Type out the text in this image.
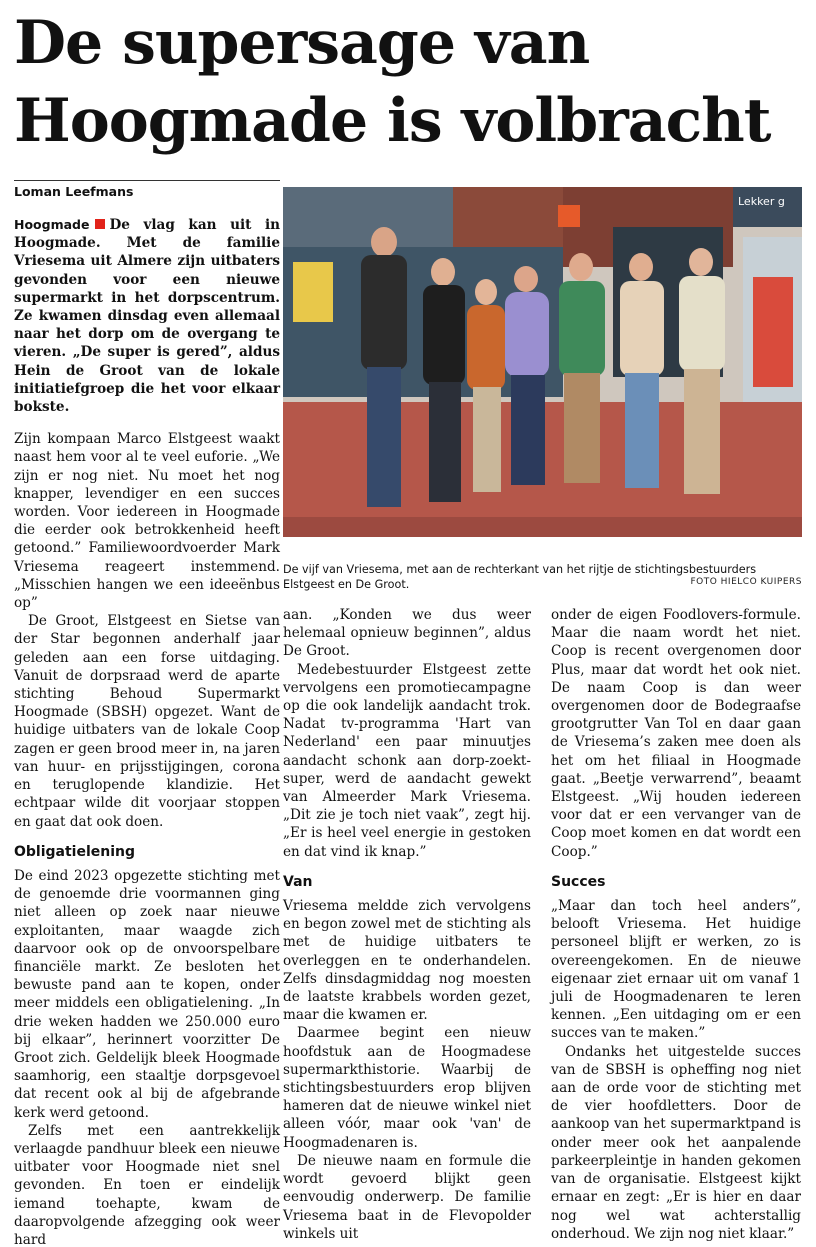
De supersage van
Hoogmade is volbracht
Loman Leefmans

Hoogmade De vlag kan uit in Hoogmade. Met de familie Vriesema uit Almere zijn uitbaters gevonden voor een nieuwe supermarkt in het dorpscentrum. Ze kwamen dinsdag even allemaal naar het dorp om de overgang te vieren. „De super is gered”, aldus Hein de Groot van de lokale initiatiefgroep die het voor elkaar bokste.

Zijn kompaan Marco Elstgeest waakt naast hem voor al te veel euforie. „We zijn er nog niet. Nu moet het nog knapper, levendiger en een succes worden. Voor iedereen in Hoogmade die eerder ook betrokkenheid heeft getoond.” Familiewoordvoerder Mark Vriesema reageert instemmend. „Misschien hangen we een ideeënbus op”

De Groot, Elstgeest en Sietse van der Star begonnen anderhalf jaar geleden aan een forse uitdaging. Vanuit de dorpsraad werd de aparte stichting Behoud Supermarkt Hoogmade (SBSH) opgezet. Want de huidige uitbaters van de lokale Coop zagen er geen brood meer in, na jaren van huur- en prijsstijgingen, corona en teruglopende klandizie. Het echtpaar wilde dit voorjaar stoppen en gaat dat ook doen.

Obligatielening

De eind 2023 opgezette stichting met de genoemde drie voormannen ging niet alleen op zoek naar nieuwe exploitanten, maar waagde zich daarvoor ook op de onvoorspelbare financiële markt. Ze besloten het bewuste pand aan te kopen, onder meer middels een obligatielening. „In drie weken hadden we 250.000 euro bij elkaar”, herinnert voorzitter De Groot zich. Geldelijk bleek Hoogmade saamhorig, een staaltje dorpsgevoel dat recent ook al bij de afgebrande kerk werd getoond.

Zelfs met een aantrekkelijk verlaagde pandhuur bleek een nieuwe uitbater voor Hoogmade niet snel gevonden. En toen er eindelijk iemand toehapte, kwam de daaropvolgende afzegging ook weer hard

Lekker g
De vijf van Vriesema, met aan de rechterkant van het rijtje de stichtingsbestuurders Elstgeest en De Groot.	FOTO HIELCO KUIPERS

aan. „Konden we dus weer helemaal opnieuw beginnen”, aldus De Groot.

Medebestuurder Elstgeest zette vervolgens een promotiecampagne op die ook landelijk aandacht trok. Nadat tv-programma 'Hart van Nederland' een paar minuutjes aandacht schonk aan dorp-zoekt-super, werd de aandacht gewekt van Almeerder Mark Vriesema. „Dit zie je toch niet vaak”, zegt hij. „Er is heel veel energie in gestoken en dat vind ik knap.”

Van

Vriesema meldde zich vervolgens en begon zowel met de stichting als met de huidige uitbaters te overleggen en te onderhandelen. Zelfs dinsdagmiddag nog moesten de laatste krabbels worden gezet, maar die kwamen er.

Daarmee begint een nieuw hoofdstuk aan de Hoogmadese supermarkthistorie. Waarbij de stichtingsbestuurders erop blijven hameren dat de nieuwe winkel niet alleen vóór, maar ook 'van' de Hoogmadenaren is.

De nieuwe naam en formule die wordt gevoerd blijkt geen eenvoudig onderwerp. De familie Vriesema baat in de Flevopolder winkels uit

onder de eigen Foodlovers-formule. Maar die naam wordt het niet. Coop is recent overgenomen door Plus, maar dat wordt het ook niet. De naam Coop is dan weer overgenomen door de Bodegraafse grootgrutter Van Tol en daar gaan de Vriesema’s zaken mee doen als het om het filiaal in Hoogmade gaat. „Beetje verwarrend”, beaamt Elstgeest. „Wij houden iedereen voor dat er een vervanger van de Coop moet komen en dat wordt een Coop.”

Succes

„Maar dan toch heel anders”, belooft Vriesema. Het huidige personeel blijft er werken, zo is overeengekomen. En de nieuwe eigenaar ziet ernaar uit om vanaf 1 juli de Hoogmadenaren te leren kennen. „Een uitdaging om er een succes van te maken.”

Ondanks het uitgestelde succes van de SBSH is opheffing nog niet aan de orde voor de stichting met de vier hoofdletters. Door de aankoop van het supermarktpand is onder meer ook het aanpalende parkeerpleintje in handen gekomen van de organisatie. Elstgeest kijkt ernaar en zegt: „Er is hier en daar nog wel wat achterstallig onderhoud. We zijn nog niet klaar.”
